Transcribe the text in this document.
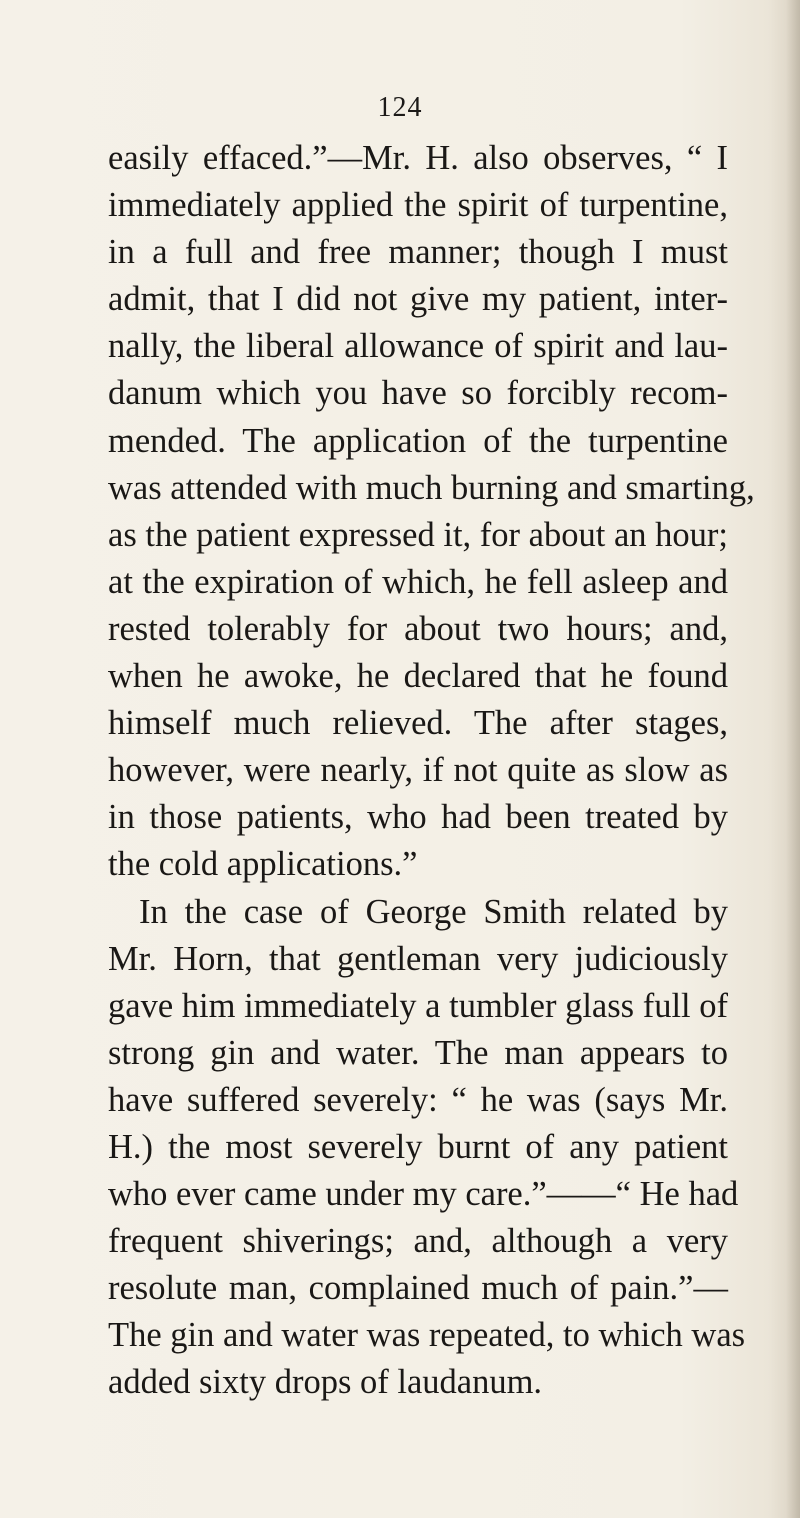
124
easily effaced.”—Mr. H. also observes, “ I
immediately applied the spirit of turpentine,
in a full and free manner; though I must
admit, that I did not give my patient, inter-
nally, the liberal allowance of spirit and lau-
danum which you have so forcibly recom-
mended. The application of the turpentine
was attended with much burning and smarting,
as the patient expressed it, for about an hour;
at the expiration of which, he fell asleep and
rested tolerably for about two hours; and,
when he awoke, he declared that he found
himself much relieved. The after stages,
however, were nearly, if not quite as slow as
in those patients, who had been treated by
the cold applications.”
In the case of George Smith related by
Mr. Horn, that gentleman very judiciously
gave him immediately a tumbler glass full of
strong gin and water. The man appears to
have suffered severely: “ he was (says Mr.
H.) the most severely burnt of any patient
who ever came under my care.”——“ He had
frequent shiverings; and, although a very
resolute man, complained much of pain.”—
The gin and water was repeated, to which was
added sixty drops of laudanum.
